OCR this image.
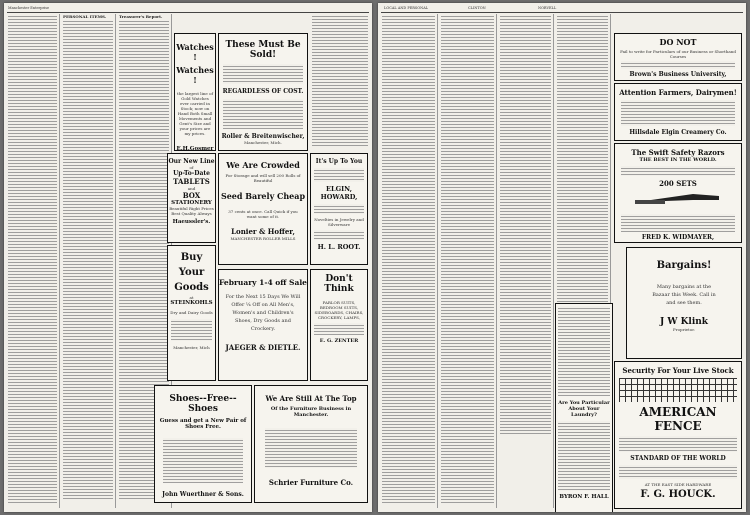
Manchester Enterprise
PERSONAL ITEMS.	Treasurer's Report.
Watches !
Watches !
the largest line of Gold Watches ever carried in Stock; now on Hand Both Small Movements and Gent's Size and your prices are my prices.
E.H.Gosmer
Our New Line
of
Up-To-Date
TABLETS
and
BOX
STATIONERY
Beautiful Right Prices
Best Quality Always
Haeussler's.
Buy
Your
Goods
at
STEINKOHLS
Dry and Dairy Goods
Manchester, Mich
Shoes--Free--Shoes
Guess and get a New Pair of Shoes Free.
John Wuerthner & Sons.
These Must Be Sold!
REGARDLESS OF COST.
Roller & Breitenwischer,
Manchester, Mich.
We Are Crowded
For Storage and will sell 200 Rolls of Beautiful
Seed Barely Cheap
37 cents at once. Call Quick if you want some of it.
Lonier & Hoffer,
MANCHESTER ROLLER MILLS
It's Up To You
ELGIN,
HOWARD,
Novelties in Jewelry and Silverware
H. L. ROOT.
February 1-4 off Sale
For the Next 15 Days We Will Offer ¼ Off on All Men's, Women's and Children's Shoes, Dry Goods and Crockery.
JAEGER & DIETLE.
Don't
Think
PARLOR SUITS, BEDROOM SUITS, SIDEBOARDS, CHAIRS, CROCKERY, LAMPS,
E. G. ZENTER
We Are Still At The Top
Of the Furniture Business in Manchester.
Schrier Furniture Co.
LOCAL AND PERSONAL	CLINTON	NORVELL
DO NOT
Fail to write for Particulars of our Business or Shorthand Courses
Brown's Business University,
Attention Farmers, Dairymen!
Hillsdale Elgin Creamery Co.
The Swift Safety Razors
THE BEST IN THE WORLD.
200 SETS
FRED K. WIDMAYER,
Bargains!
Many bargains at the Bazaar this Week. Call in and see them.
J W Klink
Proprietor.
Are You Particular About Your Laundry?
BYRON F. HALL
Security For Your Live Stock
AMERICAN FENCE
STANDARD OF THE WORLD
AT THE EAST SIDE HARDWARE
F. G. HOUCK.
